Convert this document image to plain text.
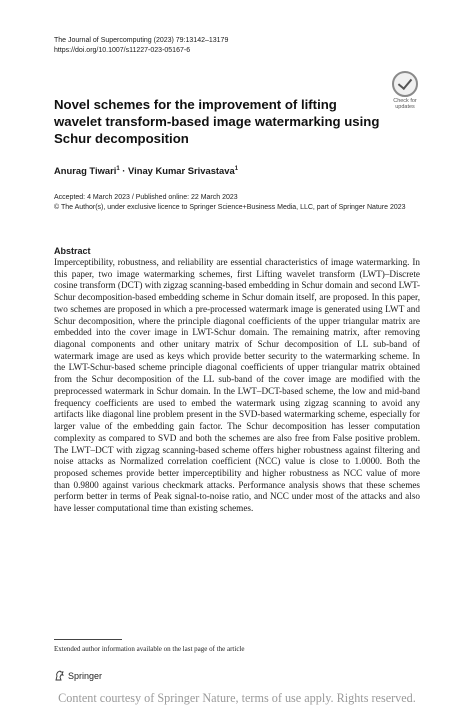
The Journal of Supercomputing (2023) 79:13142–13179
https://doi.org/10.1007/s11227-023-05167-6
Check for
updates
Novel schemes for the improvement of lifting wavelet transform-based image watermarking using Schur decomposition
Anurag Tiwari$^1$ · Vinay Kumar Srivastava$^1$
Accepted: 4 March 2023 / Published online: 22 March 2023
© The Author(s), under exclusive licence to Springer Science+Business Media, LLC, part of Springer Nature 2023
Abstract
Imperceptibility, robustness, and reliability are essential characteristics of image watermarking. In this paper, two image watermarking schemes, first Lifting wavelet transform (LWT)–Discrete cosine transform (DCT) with zigzag scanning-based embedding in Schur domain and second LWT-Schur decomposition-based embedding scheme in Schur domain itself, are proposed. In this paper, two schemes are proposed in which a pre-processed watermark image is generated using LWT and Schur decomposition, where the principle diagonal coefficients of the upper triangular matrix are embedded into the cover image in LWT-Schur domain. The remaining matrix, after removing diagonal components and other unitary matrix of Schur decomposition of LL sub-band of watermark image are used as keys which provide better security to the watermarking scheme. In the LWT-Schur-based scheme principle diagonal coefficients of upper triangular matrix obtained from the Schur decomposition of the LL sub-band of the cover image are modified with the preprocessed watermark in Schur domain. In the LWT–DCT-based scheme, the low and mid-band frequency coefficients are used to embed the watermark using zigzag scanning to avoid any artifacts like diagonal line problem present in the SVD-based watermarking scheme, especially for larger value of the embedding gain factor. The Schur decomposition has lesser computation complexity as compared to SVD and both the schemes are also free from False positive problem. The LWT–DCT with zigzag scanning-based scheme offers higher robustness against filtering and noise attacks as Normalized correlation coefficient (NCC) value is close to 1.0000. Both the proposed schemes provide better imperceptibility and higher robustness as NCC value of more than 0.9800 against various checkmark attacks. Performance analysis shows that these schemes perform better in terms of Peak signal-to-noise ratio, and NCC under most of the attacks and also have lesser computational time than existing schemes.
Extended author information available on the last page of the article
Springer
Content courtesy of Springer Nature, terms of use apply. Rights reserved.
